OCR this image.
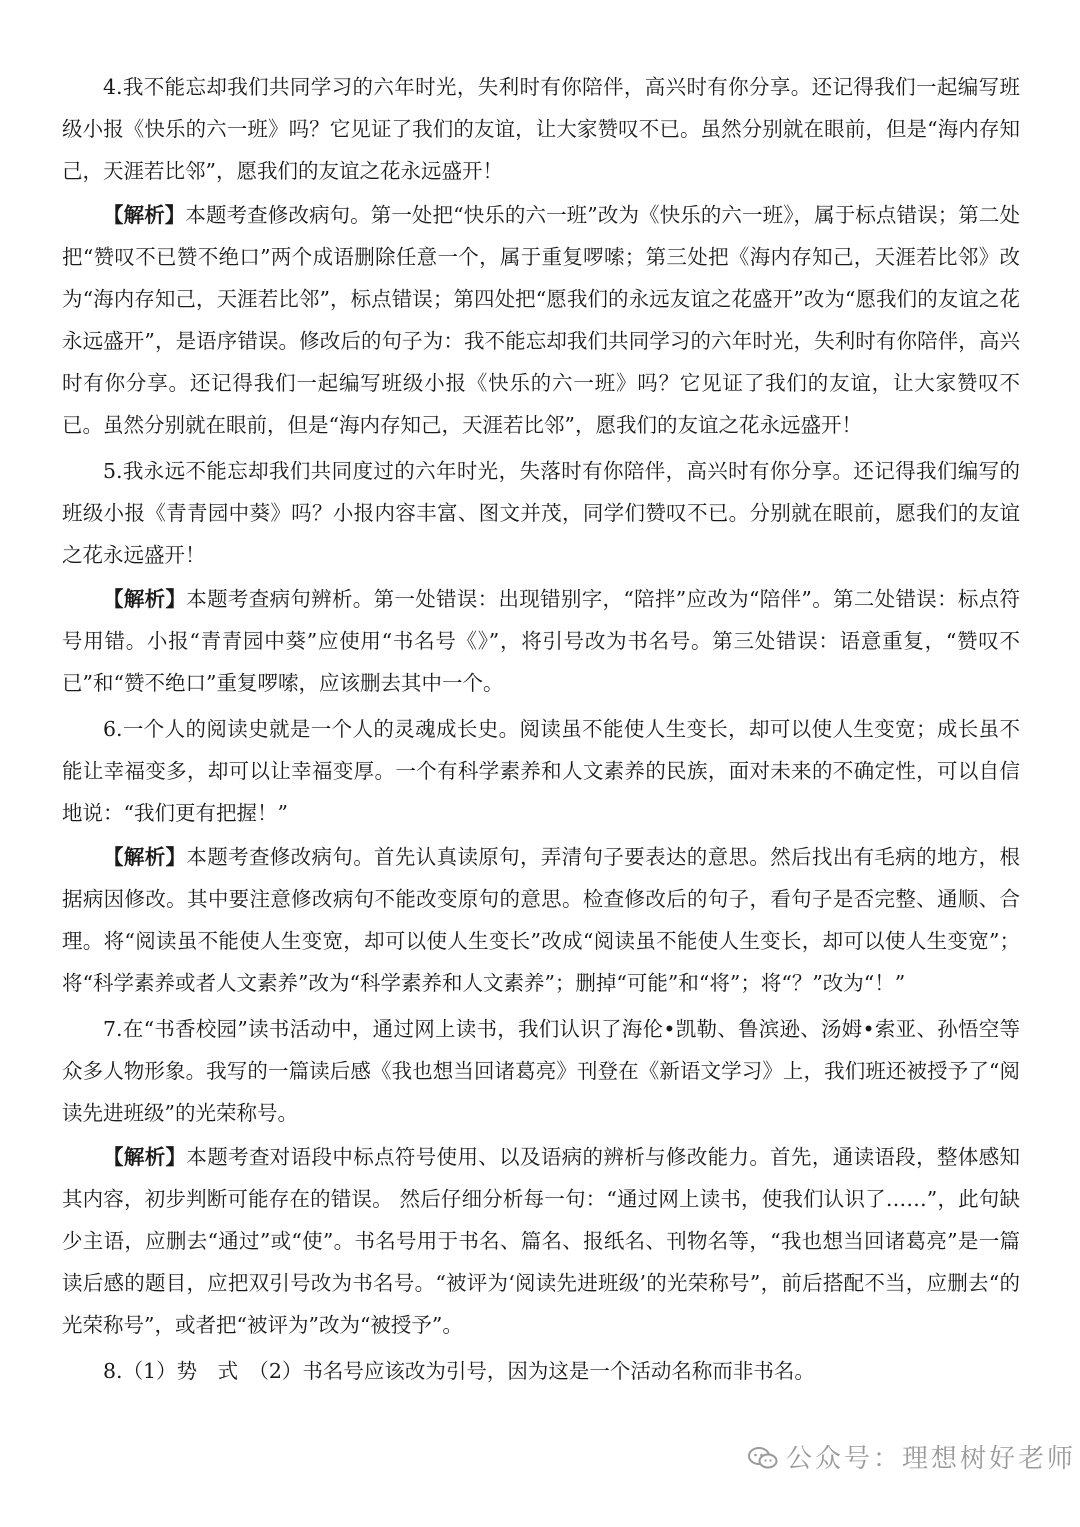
4.我不能忘却我们共同学习的六年时光，失利时有你陪伴，高兴时有你分享。还记得我们一起编写班级小报《快乐的六一班》吗？它见证了我们的友谊，让大家赞叹不已。虽然分别就在眼前，但是“海内存知己，天涯若比邻”，愿我们的友谊之花永远盛开！

【解析】本题考查修改病句。第一处把“快乐的六一班”改为《快乐的六一班》，属于标点错误；第二处把“赞叹不已赞不绝口”两个成语删除任意一个，属于重复啰嗦；第三处把《海内存知己，天涯若比邻》改为“海内存知己，天涯若比邻”，标点错误；第四处把“愿我们的永远友谊之花盛开”改为“愿我们的友谊之花永远盛开”，是语序错误。修改后的句子为：我不能忘却我们共同学习的六年时光，失利时有你陪伴，高兴时有你分享。还记得我们一起编写班级小报《快乐的六一班》吗？它见证了我们的友谊，让大家赞叹不已。虽然分别就在眼前，但是“海内存知己，天涯若比邻”，愿我们的友谊之花永远盛开！

5.我永远不能忘却我们共同度过的六年时光，失落时有你陪伴，高兴时有你分享。还记得我们编写的班级小报《青青园中葵》吗？小报内容丰富、图文并茂，同学们赞叹不已。分别就在眼前，愿我们的友谊之花永远盛开！

【解析】本题考查病句辨析。第一处错误：出现错别字，“陪拌”应改为“陪伴”。第二处错误：标点符号用错。小报“青青园中葵”应使用“书名号《》”，将引号改为书名号。第三处错误：语意重复，“赞叹不已”和“赞不绝口”重复啰嗦，应该删去其中一个。

6.一个人的阅读史就是一个人的灵魂成长史。阅读虽不能使人生变长，却可以使人生变宽；成长虽不能让幸福变多，却可以让幸福变厚。一个有科学素养和人文素养的民族，面对未来的不确定性，可以自信地说：“我们更有把握！”

【解析】本题考查修改病句。首先认真读原句，弄清句子要表达的意思。然后找出有毛病的地方，根据病因修改。其中要注意修改病句不能改变原句的意思。检查修改后的句子，看句子是否完整、通顺、合理。将“阅读虽不能使人生变宽，却可以使人生变长”改成“阅读虽不能使人生变长，却可以使人生变宽”；将“科学素养或者人文素养”改为“科学素养和人文素养”；删掉“可能”和“将”；将“？”改为“！”

7.在“书香校园”读书活动中，通过网上读书，我们认识了海伦•凯勒、鲁滨逊、汤姆•索亚、孙悟空等众多人物形象。我写的一篇读后感《我也想当回诸葛亮》刊登在《新语文学习》上，我们班还被授予了“阅读先进班级”的光荣称号。

【解析】本题考查对语段中标点符号使用、以及语病的辨析与修改能力。首先，通读语段，整体感知其内容，初步判断可能存在的错误。 然后仔细分析每一句：“通过网上读书，使我们认识了……”，此句缺少主语，应删去“通过”或“使”。书名号用于书名、篇名、报纸名、刊物名等，“我也想当回诸葛亮”是一篇读后感的题目，应把双引号改为书名号。“被评为‘阅读先进班级’的光荣称号”，前后搭配不当，应删去“的光荣称号”，或者把“被评为”改为“被授予”。

8.（1）势　式　（2）书名号应该改为引号，因为这是一个活动名称而非书名。

公众号：理想树好老师
